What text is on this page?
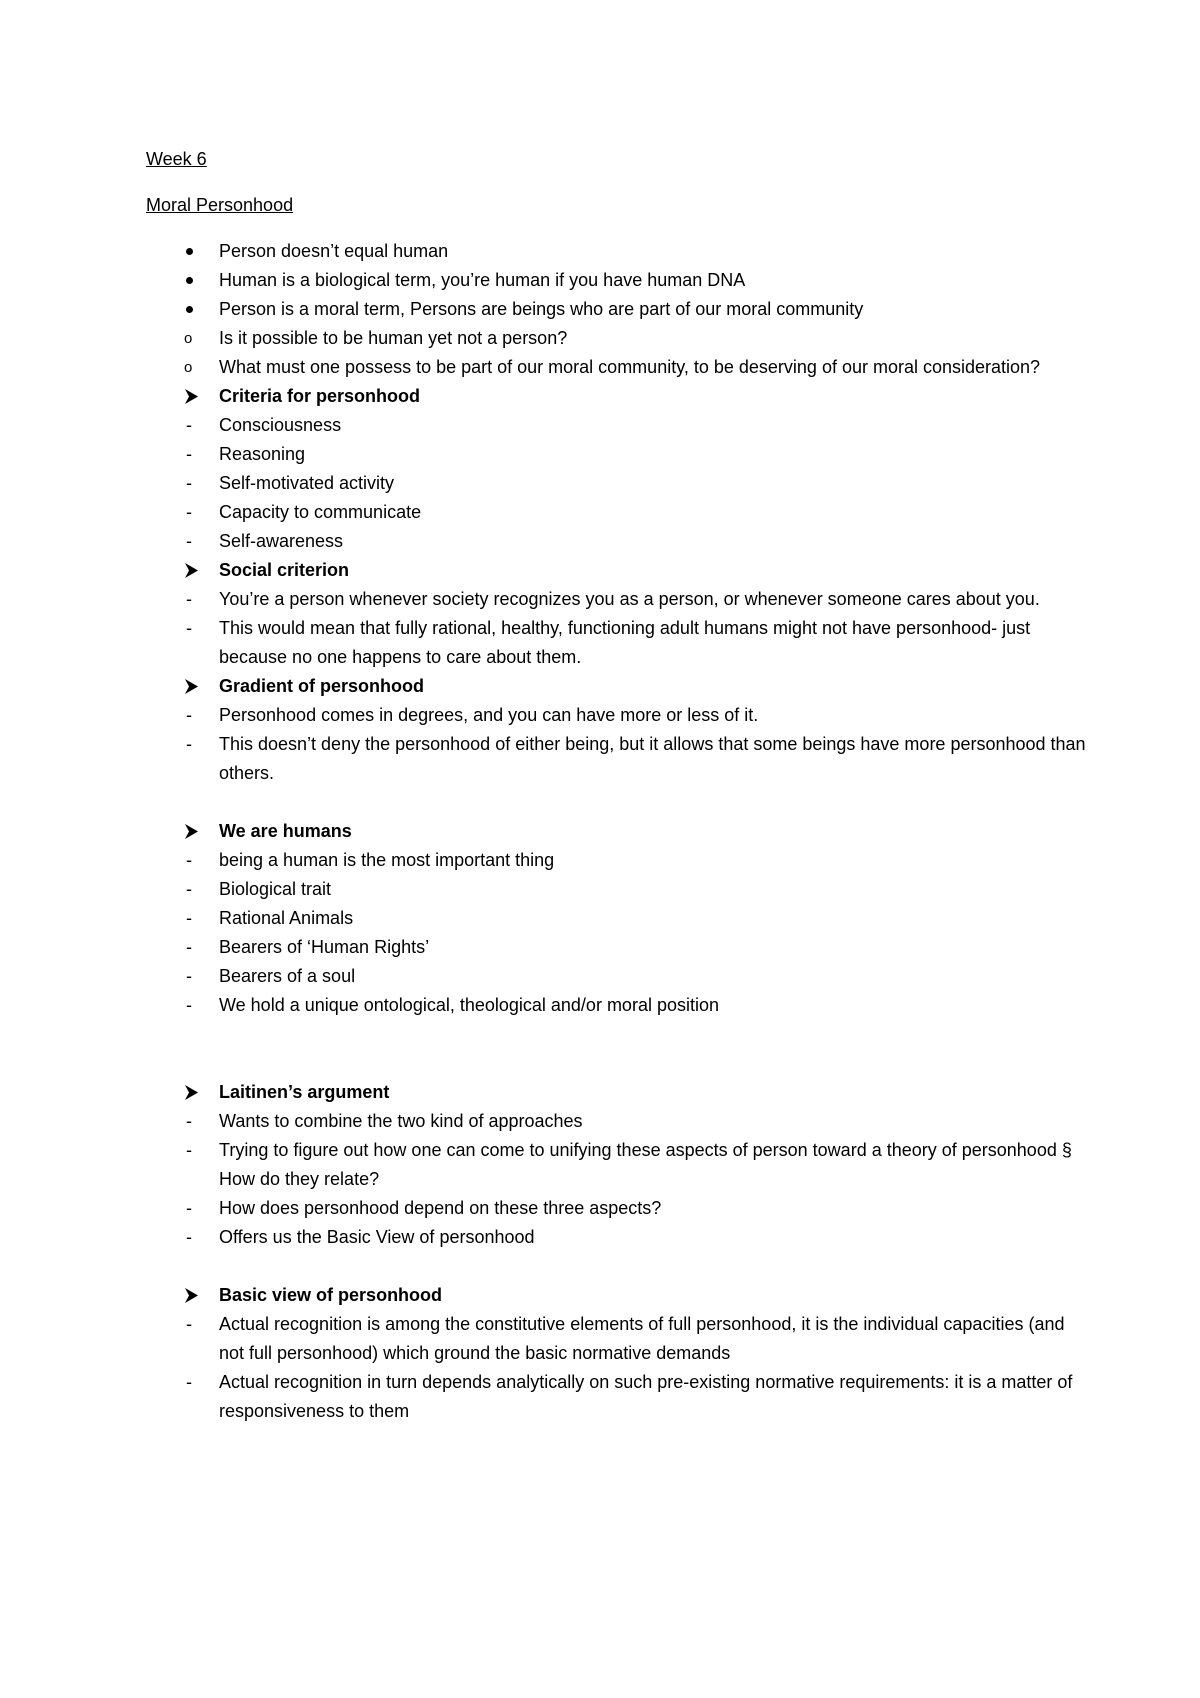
Week 6
Moral Personhood
Person doesn’t equal human
Human is a biological term, you’re human if you have human DNA
Person is a moral term, Persons are beings who are part of our moral community
o	Is it possible to be human yet not a person?
o	What must one possess to be part of our moral community, to be deserving of our moral consideration?
Criteria for personhood
-	Consciousness
-	Reasoning
-	Self-motivated activity
-	Capacity to communicate
-	Self-awareness
Social criterion
-	You’re a person whenever society recognizes you as a person, or whenever someone cares about you.
-	This would mean that fully rational, healthy, functioning adult humans might not have personhood- just because no one happens to care about them.
Gradient of personhood
-	Personhood comes in degrees, and you can have more or less of it.
-	This doesn’t deny the personhood of either being, but it allows that some beings have more personhood than others.
We are humans
-	being a human is the most important thing
-	Biological trait
-	Rational Animals
-	Bearers of ‘Human Rights’
-	Bearers of a soul
-	We hold a unique ontological, theological and/or moral position
Laitinen’s argument
-	Wants to combine the two kind of approaches
-	Trying to figure out how one can come to unifying these aspects of person toward a theory of personhood § How do they relate?
-	How does personhood depend on these three aspects?
-	Offers us the Basic View of personhood
Basic view of personhood
-	Actual recognition is among the constitutive elements of full personhood, it is the individual capacities (and not full personhood) which ground the basic normative demands
-	Actual recognition in turn depends analytically on such pre-existing normative requirements: it is a matter of responsiveness to them
